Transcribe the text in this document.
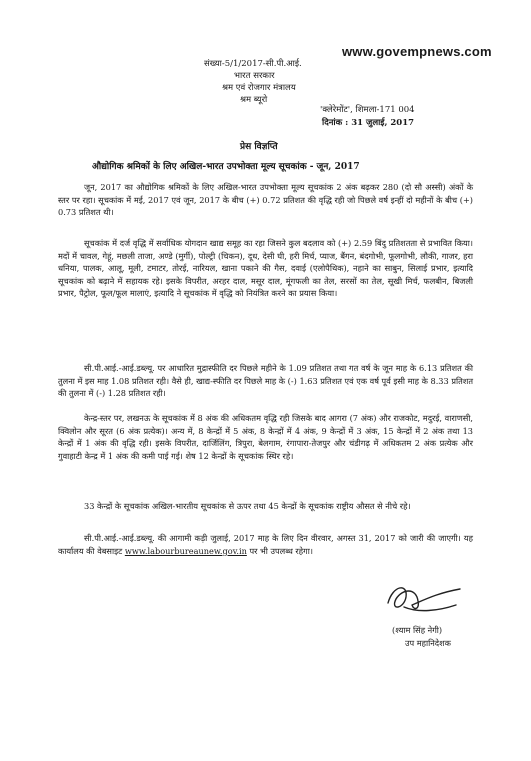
www.govempnews.com
संख्या-5/1/2017-सी.पी.आई.
भारत सरकार
श्रम एवं रोजगार मंत्रालय
श्रम ब्यूरो
'क्लेरेमोंट', शिमला-171 004
दिनांक : 31 जुलाई, 2017
प्रेस विज्ञप्ति
औद्योगिक श्रमिकों के लिए अखिल-भारत उपभोक्ता मूल्य सूचकांक - जून, 2017
जून, 2017 का औद्योगिक श्रमिकों के लिए अखिल-भारत उपभोक्ता मूल्य सूचकांक 2 अंक बढ़कर 280 (दो सौ अस्सी) अंकों के स्तर पर रहा। सूचकांक में मई, 2017 एवं जून, 2017 के बीच (+) 0.72 प्रतिशत की वृद्धि रही जो पिछले वर्ष इन्हीं दो महीनों के बीच (+) 0.73 प्रतिशत थी।
सूचकांक में दर्ज वृद्धि में सर्वाधिक योगदान खाद्य समूह का रहा जिसने कुल बदलाव को (+) 2.59 बिंदु प्रतिशतता से प्रभावित किया। मदों में चावल, गेहूं, मछली ताजा, अण्डे (मुर्गी), पोल्ट्री (चिकन), दूध, देसी घी, हरी मिर्च, प्याज, बैंगन, बंदगोभी, फूलगोभी, लौकी, गाजर, हरा धनिया, पालक, आलू, मूली, टमाटर, तोरई, नारियल, खाना पकाने की गैस, दवाई (एलोपैथिक), नहाने का साबुन, सिलाई प्रभार, इत्यादि सूचकांक को बढ़ाने में सहायक रहे। इसके विपरीत, अरहर दाल, मसूर दाल, मूंगफली का तेल, सरसों का तेल, सूखी मिर्च, फलबीन, बिजली प्रभार, पैट्रोल, फूल/फूल मालाएं, इत्यादि ने सूचकांक में वृद्धि को नियंत्रित करने का प्रयास किया।
सी.पी.आई.-आई.डब्ल्यू. पर आधारित मुद्रास्फीति दर पिछले महीने के 1.09 प्रतिशत तथा गत वर्ष के जून माह के 6.13 प्रतिशत की तुलना में इस माह 1.08 प्रतिशत रही। वैसे ही, खाद्य-स्फीति दर पिछले माह के (-) 1.63 प्रतिशत एवं एक वर्ष पूर्व इसी माह के 8.33 प्रतिशत की तुलना में (-) 1.28 प्रतिशत रही।
केन्द्र-स्तर पर, लखनऊ के सूचकांक में 8 अंक की अधिकतम वृद्धि रही जिसके बाद आगरा (7 अंक) और राजकोट, मदुरई, वाराणसी, क्विलोन और सूरत (6 अंक प्रत्येक)। अन्य में, 8 केन्द्रों में 5 अंक, 8 केन्द्रों में 4 अंक, 9 केन्द्रों में 3 अंक, 15 केन्द्रों में 2 अंक तथा 13 केन्द्रों में 1 अंक की वृद्धि रही। इसके विपरीत, दार्जिलिंग, त्रिपुरा, बेलगाम, रंगापारा-तेजपुर और चंडीगढ़ में अधिकतम 2 अंक प्रत्येक और गुवाहाटी केन्द्र में 1 अंक की कमी पाई गई। शेष 12 केन्द्रों के सूचकांक स्थिर रहे।
33 केन्द्रों के सूचकांक अखिल-भारतीय सूचकांक से ऊपर तथा 45 केन्द्रों के सूचकांक राष्ट्रीय औसत से नीचे रहे।
सी.पी.आई.-आई.डब्ल्यू. की आगामी कड़ी जुलाई, 2017 माह के लिए दिन वीरवार, अगस्त 31, 2017 को जारी की जाएगी। यह कार्यालय की वेबसाइट www.labourbureaunew.gov.in पर भी उपलब्ध रहेगा।
(श्याम सिंह नेगी)
उप महानिदेशक
